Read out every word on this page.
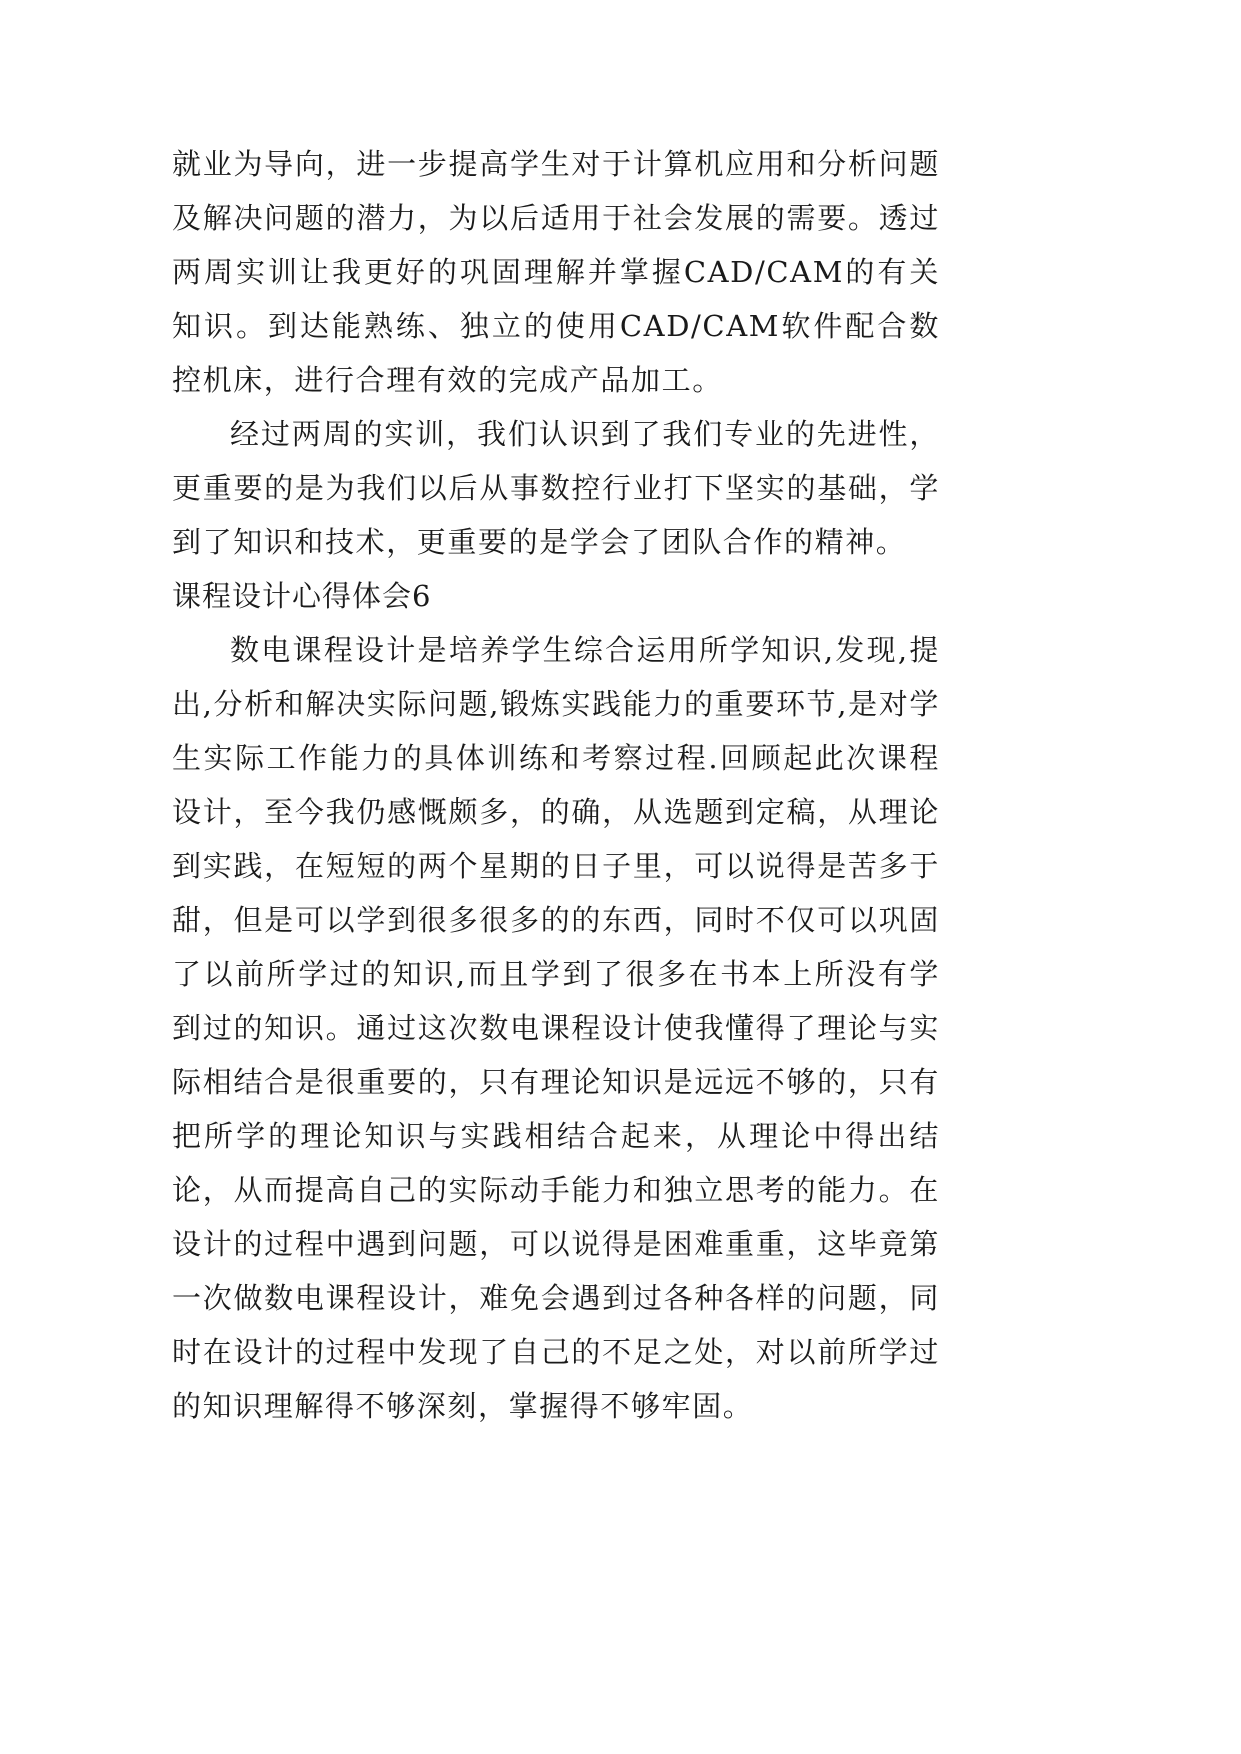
就业为导向，进一步提高学生对于计算机应用和分析问题及解决问题的潜力，为以后适用于社会发展的需要。透过两周实训让我更好的巩固理解并掌握CAD/CAM的有关知识。到达能熟练、独立的使用CAD/CAM软件配合数控机床，进行合理有效的完成产品加工。

经过两周的实训，我们认识到了我们专业的先进性，更重要的是为我们以后从事数控行业打下坚实的基础，学到了知识和技术，更重要的是学会了团队合作的精神。

课程设计心得体会6

数电课程设计是培养学生综合运用所学知识,发现,提出,分析和解决实际问题,锻炼实践能力的重要环节,是对学生实际工作能力的具体训练和考察过程.回顾起此次课程设计，至今我仍感慨颇多，的确，从选题到定稿，从理论到实践，在短短的两个星期的日子里，可以说得是苦多于甜，但是可以学到很多很多的的东西，同时不仅可以巩固了以前所学过的知识,而且学到了很多在书本上所没有学到过的知识。通过这次数电课程设计使我懂得了理论与实际相结合是很重要的，只有理论知识是远远不够的，只有把所学的理论知识与实践相结合起来，从理论中得出结论，从而提高自己的实际动手能力和独立思考的能力。在设计的过程中遇到问题，可以说得是困难重重，这毕竟第一次做数电课程设计，难免会遇到过各种各样的问题，同时在设计的过程中发现了自己的不足之处，对以前所学过的知识理解得不够深刻，掌握得不够牢固。
